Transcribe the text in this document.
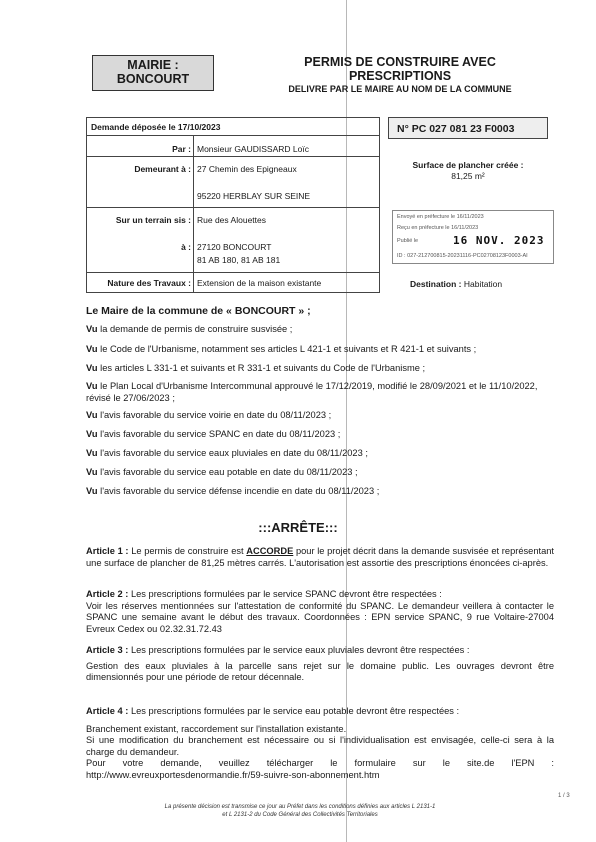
MAIRIE :
BONCOURT
PERMIS DE CONSTRUIRE AVEC
PRESCRIPTIONS
DELIVRE PAR LE MAIRE AU NOM DE LA COMMUNE
Demande déposée le 17/10/2023
Par : Monsieur GAUDISSARD Loïc
Demeurant à : 27 Chemin des Epigneaux
95220 HERBLAY SUR SEINE
Sur un terrain sis : Rue des Alouettes
à : 27120 BONCOURT
81 AB 180, 81 AB 181
Nature des Travaux : Extension de la maison existante
N° PC 027 081 23 F0003
Surface de plancher créée :
81,25 m²
Envoyé en préfecture le 16/11/2023
Reçu en préfecture le 16/11/2023
Publié le	16 NOV. 2023
ID : 027-212700815-20231116-PC02708123F0003-AI
Destination : Habitation
Le Maire de la commune de « BONCOURT » ;
Vu la demande de permis de construire susvisée ;
Vu le Code de l'Urbanisme, notamment ses articles L 421-1 et suivants et R 421-1 et suivants ;
Vu les articles L 331-1 et suivants et R 331-1 et suivants du Code de l'Urbanisme ;
Vu le Plan Local d'Urbanisme Intercommunal approuvé le 17/12/2019, modifié le 28/09/2021 et le 11/10/2022, révisé le 27/06/2023 ;
Vu l'avis favorable du service voirie en date du 08/11/2023 ;
Vu l'avis favorable du service SPANC en date du 08/11/2023 ;
Vu l'avis favorable du service eaux pluviales en date du 08/11/2023 ;
Vu l'avis favorable du service eau potable en date du 08/11/2023 ;
Vu l'avis favorable du service défense incendie en date du 08/11/2023 ;
:::ARRÊTE:::
Article 1 : Le permis de construire est ACCORDE pour le projet décrit dans la demande susvisée et représentant une surface de plancher de 81,25 mètres carrés. L'autorisation est assortie des prescriptions énoncées ci-après.
Article 2 : Les prescriptions formulées par le service SPANC devront être respectées :
Voir les réserves mentionnées sur l'attestation de conformité du SPANC. Le demandeur veillera à contacter le SPANC une semaine avant le début des travaux. Coordonnées : EPN service SPANC, 9 rue Voltaire-27004 Evreux Cedex ou 02.32.31.72.43
Article 3 : Les prescriptions formulées par le service eaux pluviales devront être respectées :
Gestion des eaux pluviales à la parcelle sans rejet sur le domaine public. Les ouvrages devront être dimensionnés pour une période de retour décennale.
Article 4 : Les prescriptions formulées par le service eau potable devront être respectées :
Branchement existant, raccordement sur l'installation existante.
Si une modification du branchement est nécessaire ou si l'individualisation est envisagée, celle-ci sera à la charge du demandeur.
Pour votre demande, veuillez télécharger le formulaire sur le site.de l'EPN : http://www.evreuxportesdenormandie.fr/59-suivre-son-abonnement.htm
1 / 3
La présente décision est transmise ce jour au Préfet dans les conditions définies aux articles L 2131-1
et L 2131-2 du Code Général des Collectivités Territoriales
